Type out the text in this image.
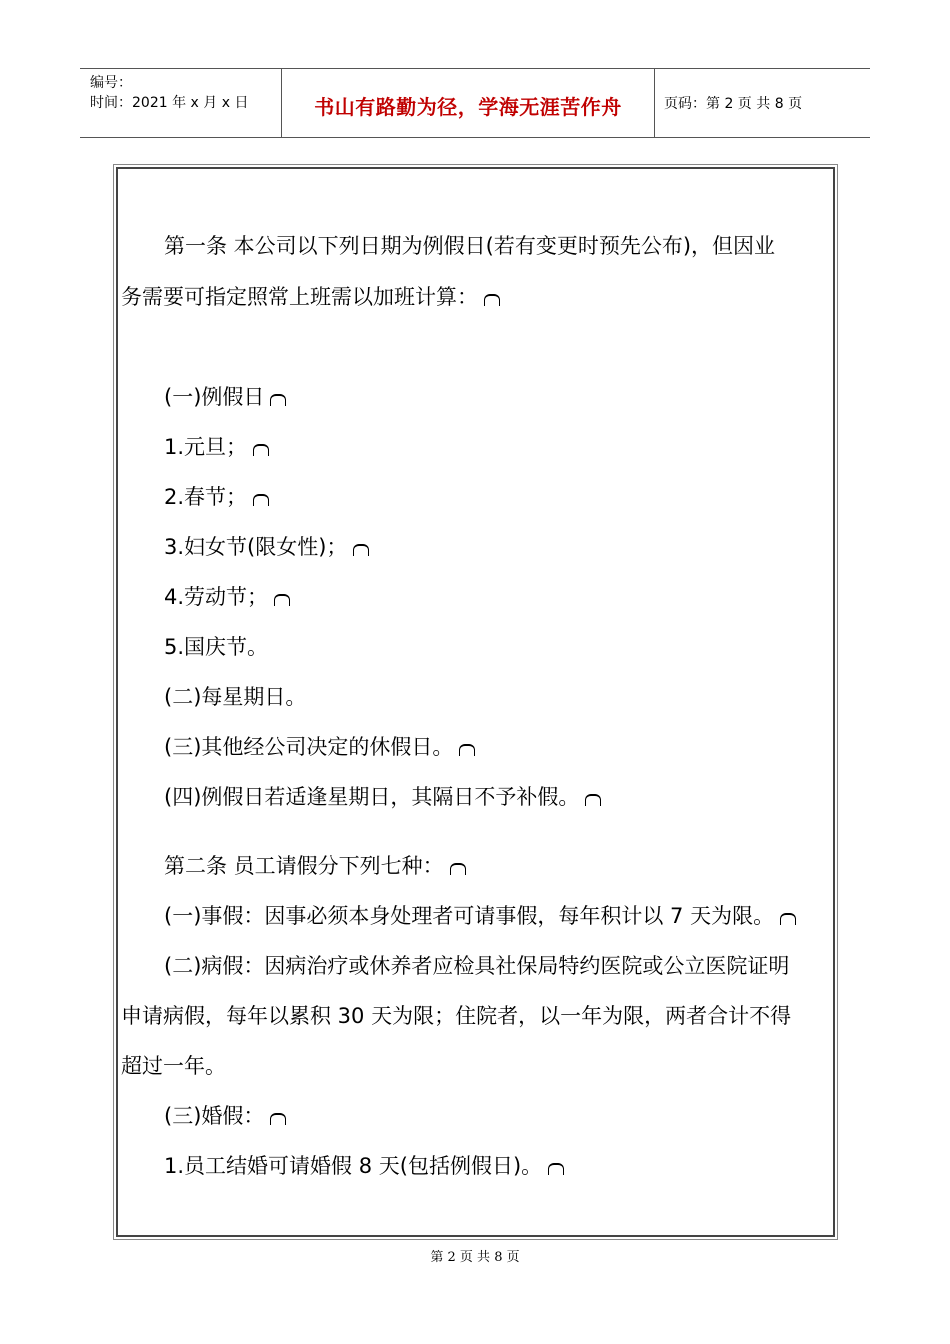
编号：
时间：2021 年 x 月 x 日	书山有路勤为径，学海无涯苦作舟	页码：第 2 页 共 8 页
第一条 本公司以下列日期为例假日(若有变更时预先公布)，但因业
务需要可指定照常上班需以加班计算：
(一)例假日
1.元旦；
2.春节；
3.妇女节(限女性)；
4.劳动节；
5.国庆节。
(二)每星期日。
(三)其他经公司决定的休假日。
(四)例假日若适逢星期日，其隔日不予补假。
第二条 员工请假分下列七种：
(一)事假：因事必须本身处理者可请事假，每年积计以 7 天为限。
(二)病假：因病治疗或休养者应检具社保局特约医院或公立医院证明
申请病假，每年以累积 30 天为限；住院者，以一年为限，两者合计不得
超过一年。
(三)婚假：
1.员工结婚可请婚假 8 天(包括例假日)。
第 2 页 共 8 页
